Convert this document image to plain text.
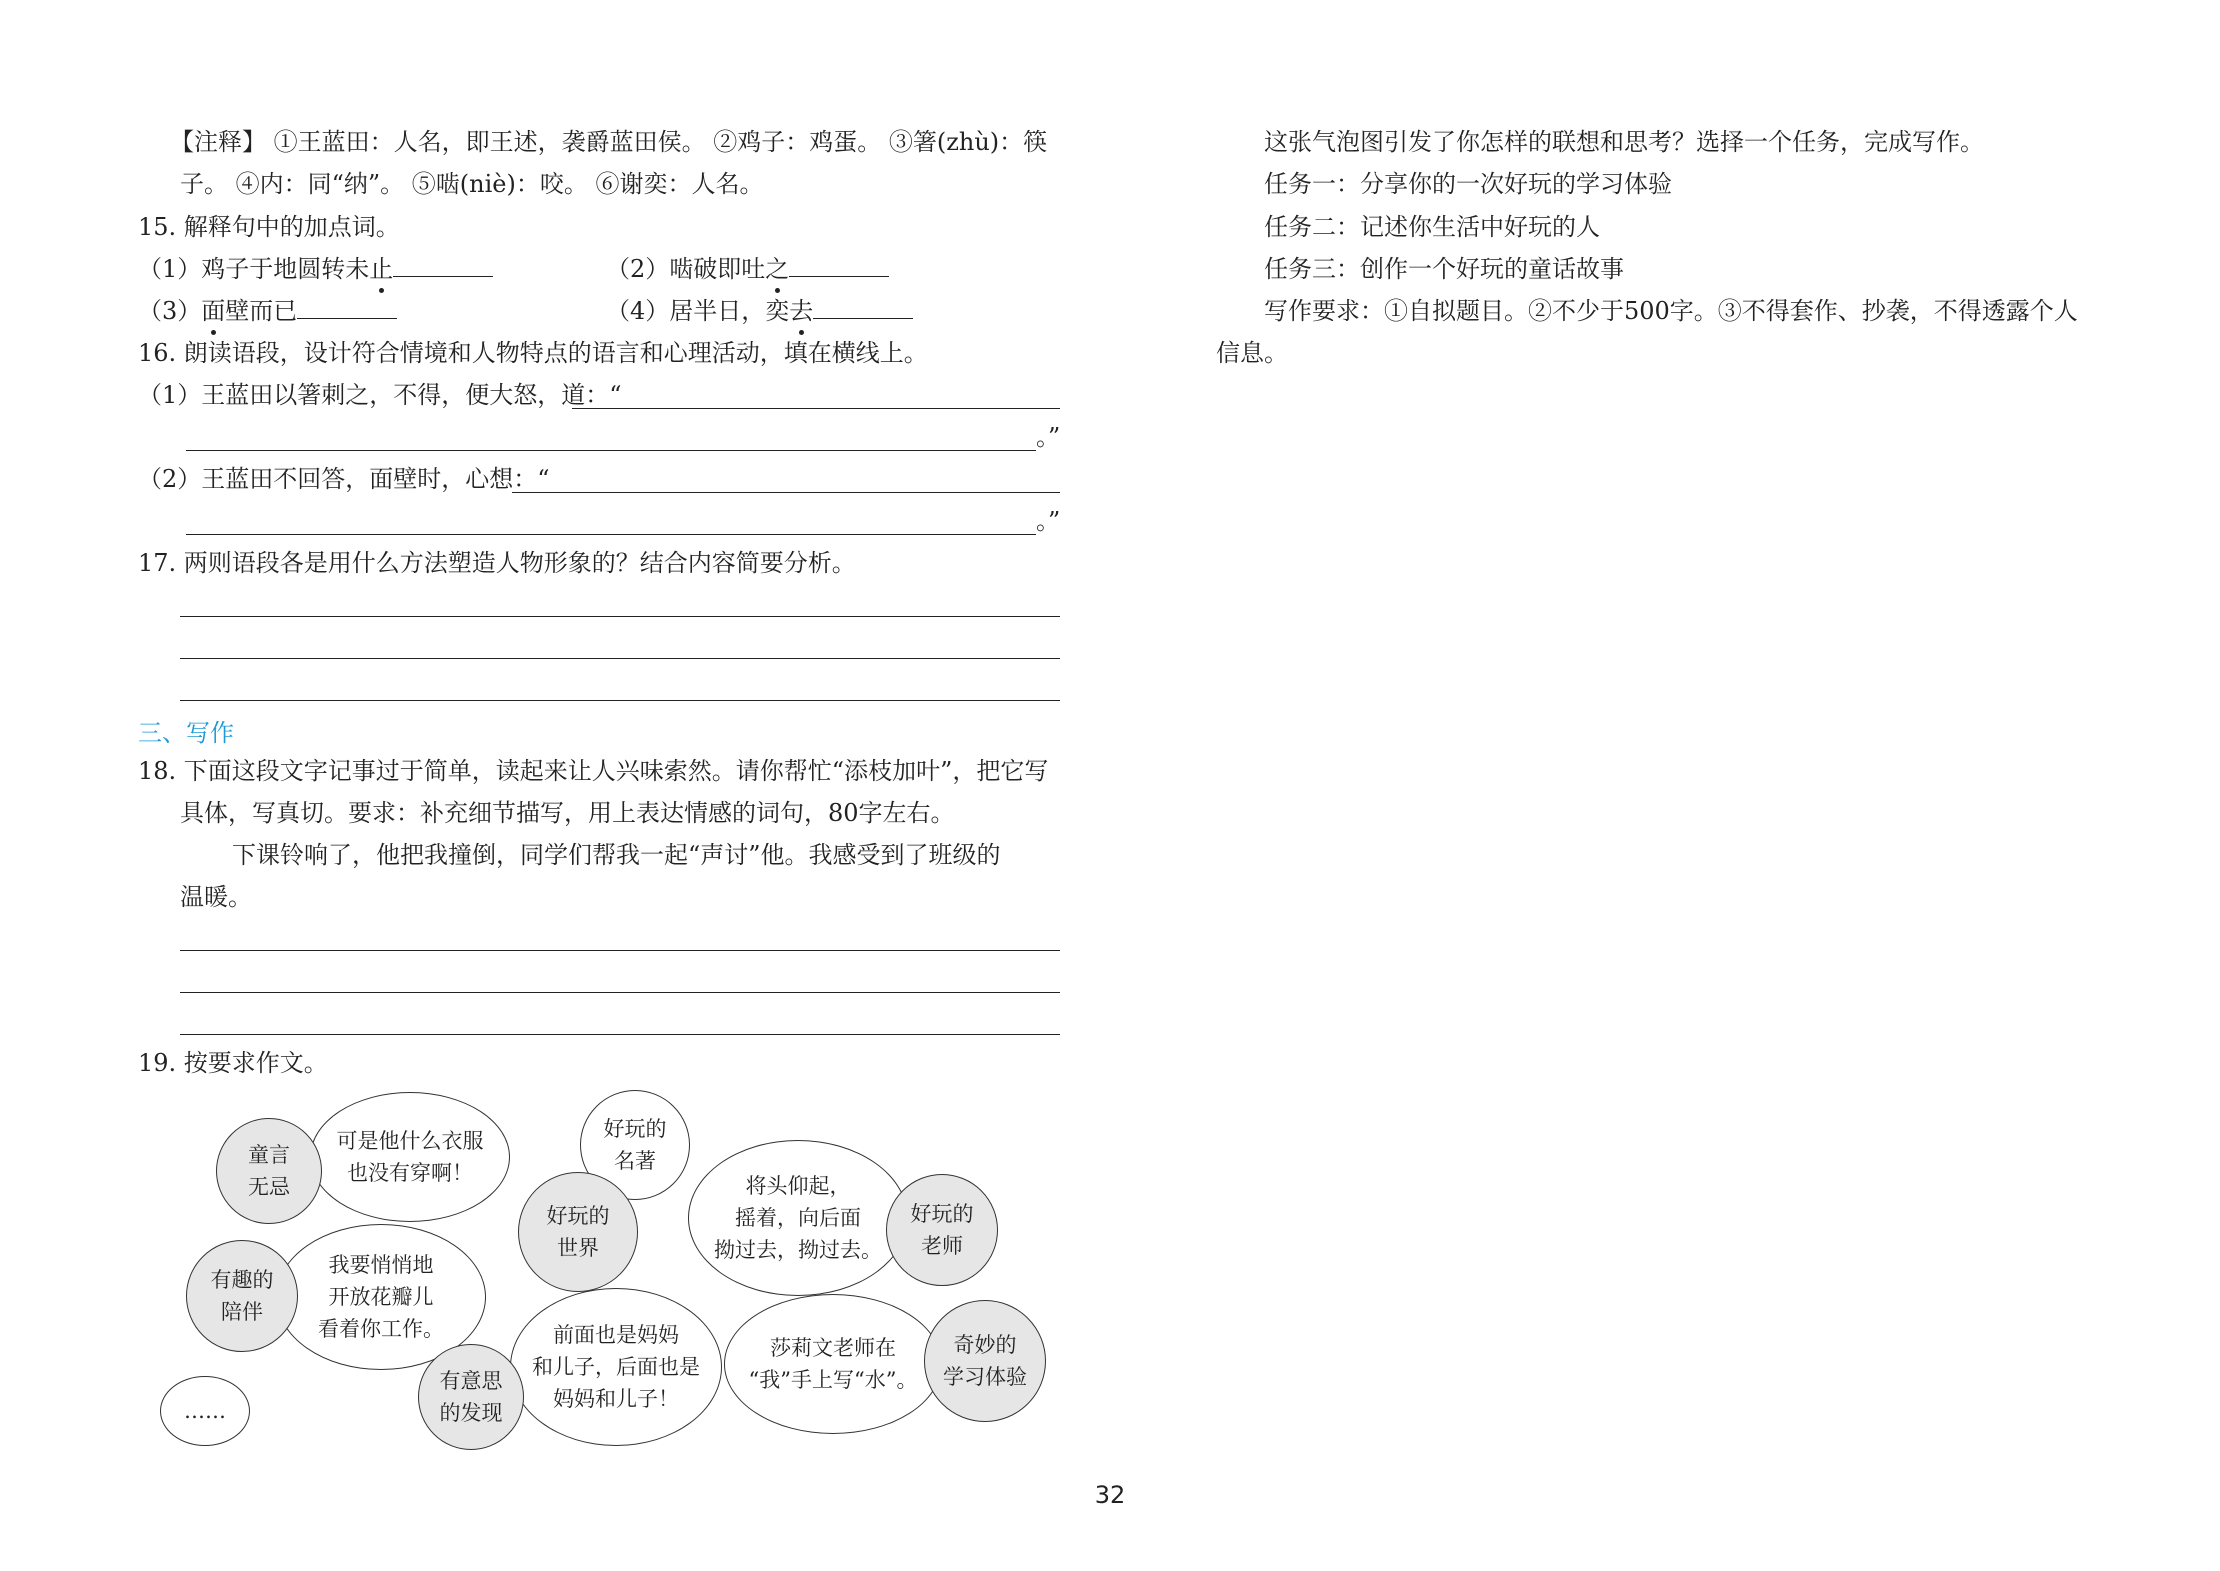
【注释】 ①王蓝田：人名，即王述，袭爵蓝田侯。 ②鸡子：鸡蛋。 ③箸(zhù)：筷
子。 ④内：同“纳”。 ⑤啮(niè)：咬。 ⑥谢奕：人名。
15. 解释句中的加点词。
（1）鸡子于地圆转未止	（2）啮破即吐之
（3）面壁而已	（4）居半日，奕去
16. 朗读语段，设计符合情境和人物特点的语言和心理活动，填在横线上。
（1）王蓝田以箸刺之，不得，便大怒，道：“
。”
（2）王蓝田不回答，面壁时，心想：“
。”
17. 两则语段各是用什么方法塑造人物形象的？结合内容简要分析。
三、写作
18. 下面这段文字记事过于简单，读起来让人兴味索然。请你帮忙“添枝加叶”，把它写
具体，写真切。要求：补充细节描写，用上表达情感的词句，80字左右。
下课铃响了，他把我撞倒，同学们帮我一起“声讨”他。我感受到了班级的
温暖。
19. 按要求作文。
可是他什么衣服
也没有穿啊！
童言
无忌
好玩的
名著
好玩的
世界
将头仰起，
摇着，向后面
拗过去，拗过去。
好玩的
老师
我要悄悄地
开放花瓣儿
看着你工作。
有趣的
陪伴
前面也是妈妈
和儿子，后面也是
妈妈和儿子！
有意思
的发现
莎莉文老师在
“我”手上写“水”。
奇妙的
学习体验
……
这张气泡图引发了你怎样的联想和思考？选择一个任务，完成写作。
任务一：分享你的一次好玩的学习体验
任务二：记述你生活中好玩的人
任务三：创作一个好玩的童话故事
写作要求：①自拟题目。②不少于500字。③不得套作、抄袭，不得透露个人
信息。
32
